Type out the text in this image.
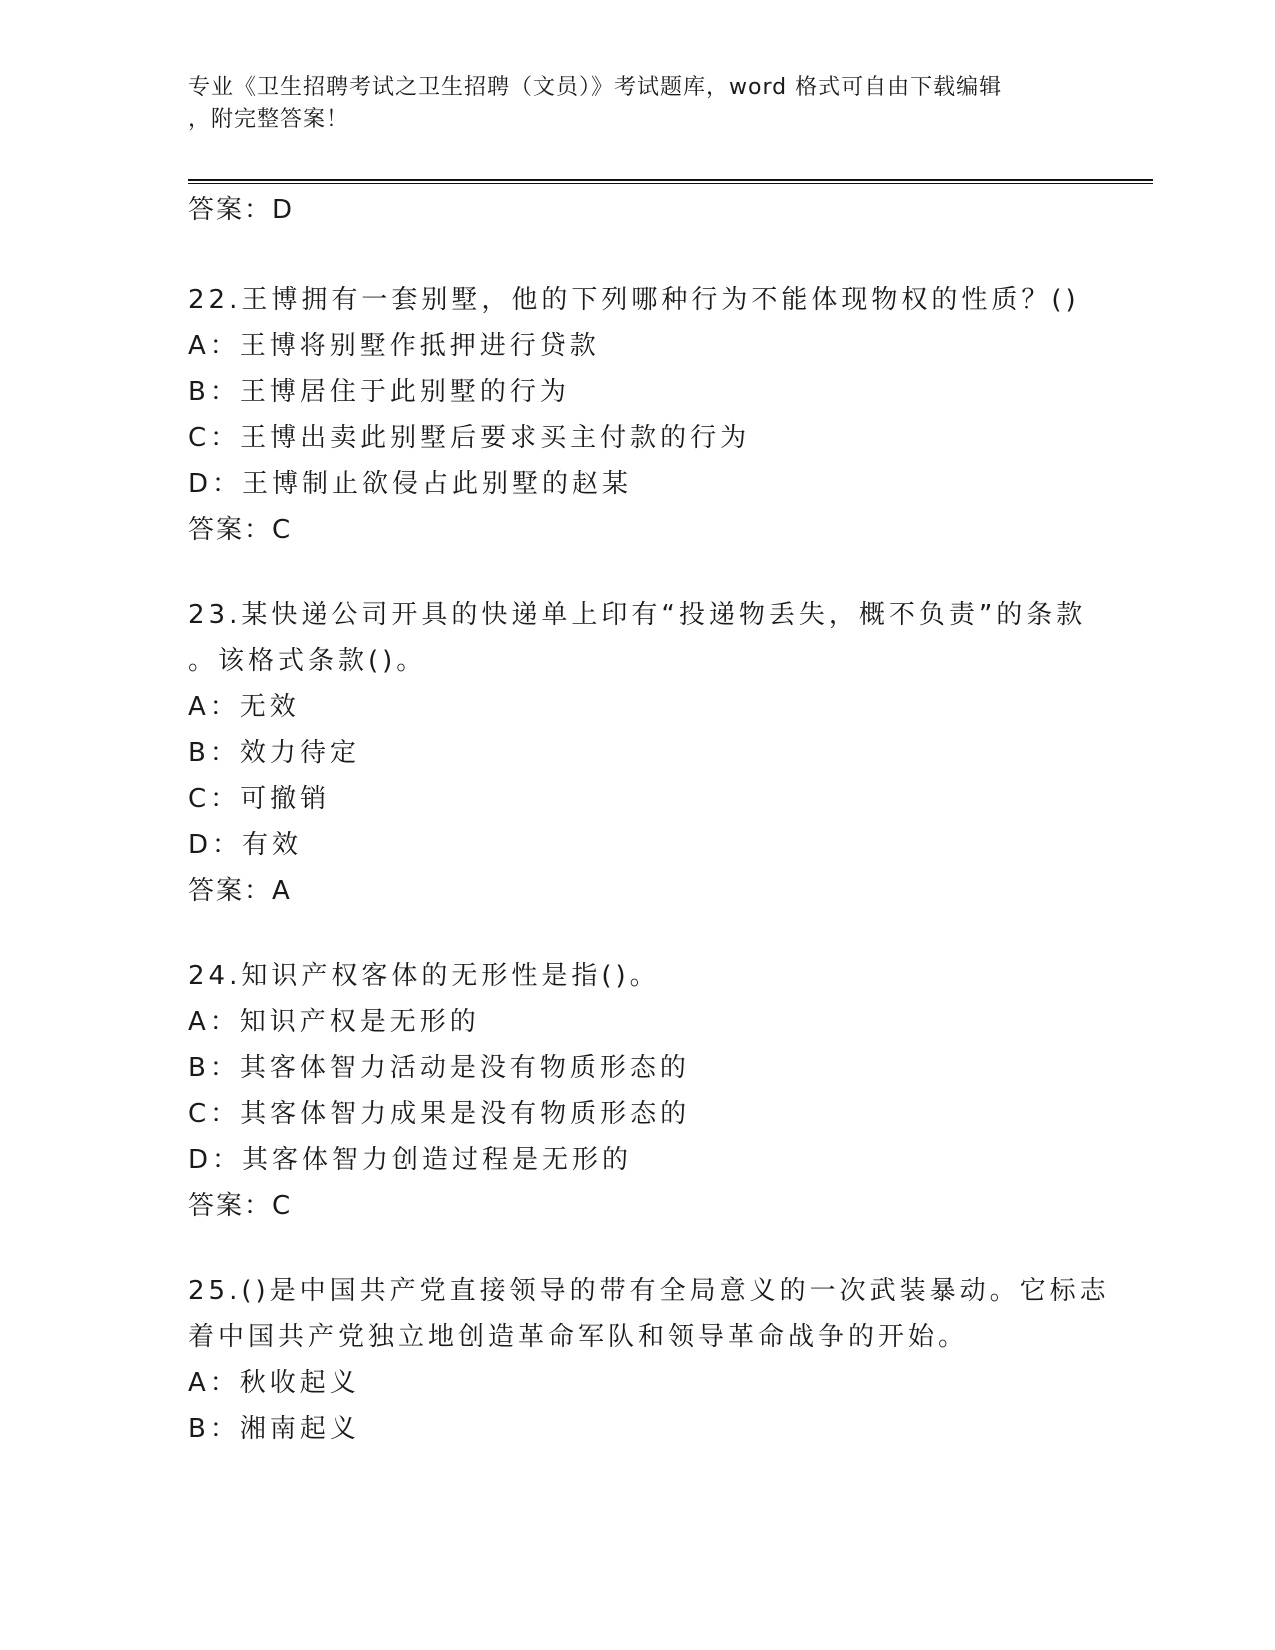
专业《卫生招聘考试之卫生招聘（文员）》考试题库，word 格式可自由下载编辑
，附完整答案！
答案：D
22.王博拥有一套别墅，他的下列哪种行为不能体现物权的性质？()
A：王博将别墅作抵押进行贷款
B：王博居住于此别墅的行为
C：王博出卖此别墅后要求买主付款的行为
D：王博制止欲侵占此别墅的赵某
答案：C
23.某快递公司开具的快递单上印有“投递物丢失，概不负责”的条款
。该格式条款()。
A：无效
B：效力待定
C：可撤销
D：有效
答案：A
24.知识产权客体的无形性是指()。
A：知识产权是无形的
B：其客体智力活动是没有物质形态的
C：其客体智力成果是没有物质形态的
D：其客体智力创造过程是无形的
答案：C
25.()是中国共产党直接领导的带有全局意义的一次武装暴动。它标志
着中国共产党独立地创造革命军队和领导革命战争的开始。
A：秋收起义
B：湘南起义
